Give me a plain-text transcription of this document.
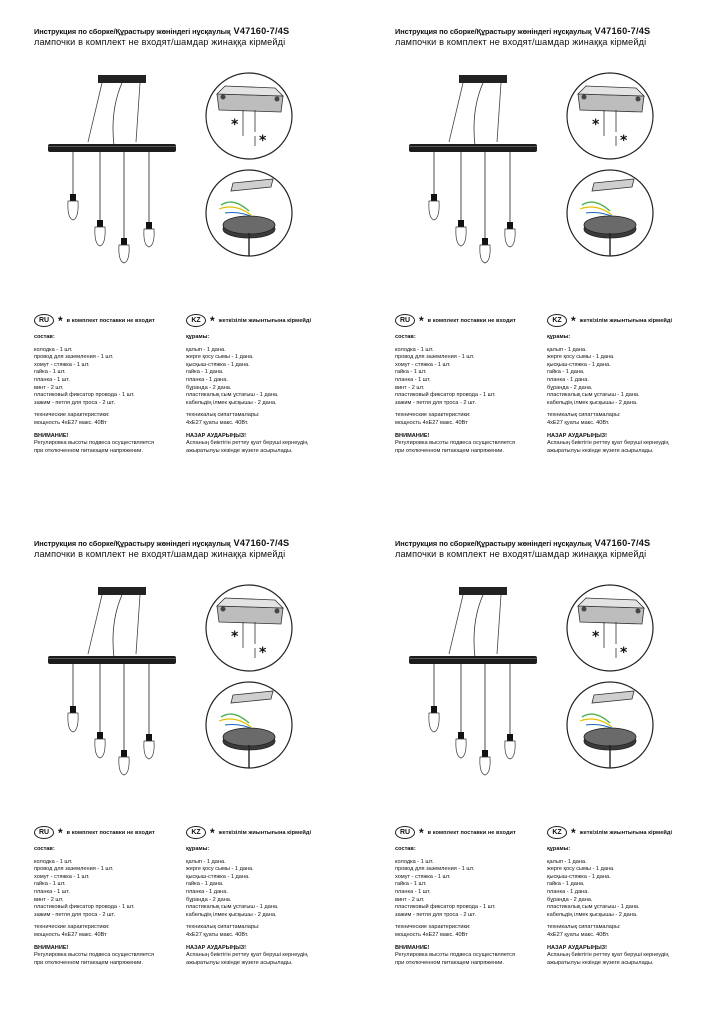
Инструкция по сборке/Құрастыру жөніндегі нұсқаулық V47160-7/4S
лампочки в комплект не входят/шамдар жинаққа кірмейді
*
*
RU * в комплект поставки не входит	KZ * жеткізілім жиынтығына кірмейді
состав:
колодка - 1 шт.
провод для заземления - 1 шт.
хомут - стяжка - 1 шт.
гайка - 1 шт.
планка - 1 шт.
винт - 2 шт.
пластиковый фиксатор провода - 1 шт.
зажим - петля для троса - 2 шт.
технические характеристики:
мощность 4хЕ27 макс. 40Вт
ВНИМАНИЕ!
Регулировка высоты подвеса осуществляется
при отключенном питающем напряжении.
құрамы:
қалып - 1 дана.
жерге қосу сымы - 1 дана.
қысқыш-стяжка - 1 дана.
гайка - 1 дана.
планка - 1 дана.
бұрандa - 2 дана.
пластикалық сым ұстағыш - 1 дана.
кабельдің ілмек қысқышы - 2 дана.
техникалық сипаттамалары:
4хЕ27 қуаты макс. 40Вт.
НАЗАР АУДАРЫҢЫЗ!
Аспаның биіктігін реттеу қуат беруші кернеудің
ажыратылуы кезінде жүзеге асырылады.
Инструкция по сборке/Құрастыру жөніндегі нұсқаулық V47160-7/4S
лампочки в комплект не входят/шамдар жинаққа кірмейді
*
*
RU * в комплект поставки не входит	KZ * жеткізілім жиынтығына кірмейді
состав:
колодка - 1 шт.
провод для заземления - 1 шт.
хомут - стяжка - 1 шт.
гайка - 1 шт.
планка - 1 шт.
винт - 2 шт.
пластиковый фиксатор провода - 1 шт.
зажим - петля для троса - 2 шт.
технические характеристики:
мощность 4хЕ27 макс. 40Вт
ВНИМАНИЕ!
Регулировка высоты подвеса осуществляется
при отключенном питающем напряжении.
құрамы:
қалып - 1 дана.
жерге қосу сымы - 1 дана.
қысқыш-стяжка - 1 дана.
гайка - 1 дана.
планка - 1 дана.
бұрандa - 2 дана.
пластикалық сым ұстағыш - 1 дана.
кабельдің ілмек қысқышы - 2 дана.
техникалық сипаттамалары:
4хЕ27 қуаты макс. 40Вт.
НАЗАР АУДАРЫҢЫЗ!
Аспаның биіктігін реттеу қуат беруші кернеудің
ажыратылуы кезінде жүзеге асырылады.
Инструкция по сборке/Құрастыру жөніндегі нұсқаулық V47160-7/4S
лампочки в комплект не входят/шамдар жинаққа кірмейді
*
*
RU * в комплект поставки не входит	KZ * жеткізілім жиынтығына кірмейді
состав:
колодка - 1 шт.
провод для заземления - 1 шт.
хомут - стяжка - 1 шт.
гайка - 1 шт.
планка - 1 шт.
винт - 2 шт.
пластиковый фиксатор провода - 1 шт.
зажим - петля для троса - 2 шт.
технические характеристики:
мощность 4хЕ27 макс. 40Вт
ВНИМАНИЕ!
Регулировка высоты подвеса осуществляется
при отключенном питающем напряжении.
құрамы:
қалып - 1 дана.
жерге қосу сымы - 1 дана.
қысқыш-стяжка - 1 дана.
гайка - 1 дана.
планка - 1 дана.
бұрандa - 2 дана.
пластикалық сым ұстағыш - 1 дана.
кабельдің ілмек қысқышы - 2 дана.
техникалық сипаттамалары:
4хЕ27 қуаты макс. 40Вт.
НАЗАР АУДАРЫҢЫЗ!
Аспаның биіктігін реттеу қуат беруші кернеудің
ажыратылуы кезінде жүзеге асырылады.
Инструкция по сборке/Құрастыру жөніндегі нұсқаулық V47160-7/4S
лампочки в комплект не входят/шамдар жинаққа кірмейді
*
*
RU * в комплект поставки не входит	KZ * жеткізілім жиынтығына кірмейді
состав:
колодка - 1 шт.
провод для заземления - 1 шт.
хомут - стяжка - 1 шт.
гайка - 1 шт.
планка - 1 шт.
винт - 2 шт.
пластиковый фиксатор провода - 1 шт.
зажим - петля для троса - 2 шт.
технические характеристики:
мощность 4хЕ27 макс. 40Вт
ВНИМАНИЕ!
Регулировка высоты подвеса осуществляется
при отключенном питающем напряжении.
құрамы:
қалып - 1 дана.
жерге қосу сымы - 1 дана.
қысқыш-стяжка - 1 дана.
гайка - 1 дана.
планка - 1 дана.
бұрандa - 2 дана.
пластикалық сым ұстағыш - 1 дана.
кабельдің ілмек қысқышы - 2 дана.
техникалық сипаттамалары:
4хЕ27 қуаты макс. 40Вт.
НАЗАР АУДАРЫҢЫЗ!
Аспаның биіктігін реттеу қуат беруші кернеудің
ажыратылуы кезінде жүзеге асырылады.
